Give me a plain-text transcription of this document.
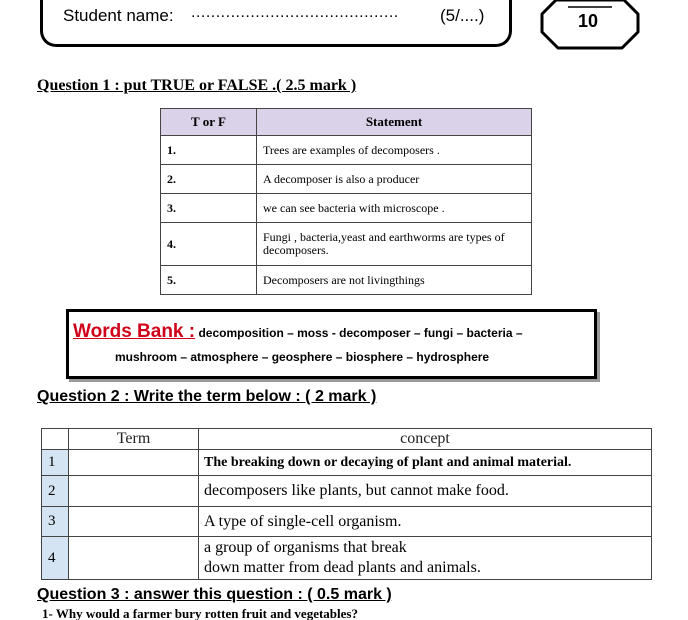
Student name: ..........................................	(5/....)	10
Question 1 : put TRUE or FALSE .( 2.5 mark )
T or F	Statement
1.	Trees are examples of decomposers .
2.	A decomposer is also a producer
3.	we can see bacteria with microscope .
4.	Fungi , bacteria,yeast and earthworms are types of decomposers.
5.	Decomposers are not livingthings
Words Bank : decomposition – moss - decomposer – fungi – bacteria –
mushroom – atmosphere – geosphere – biosphere – hydrosphere
Question 2 : Write the term below : ( 2 mark )
	Term	concept
1		The breaking down or decaying of plant and animal material.
2		decomposers like plants, but cannot make food.
3		A type of single-cell organism.
4		a group of organisms that break
down matter from dead plants and animals.
Question 3 : answer this question : ( 0.5 mark )
1- Why would a farmer bury rotten fruit and vegetables?
